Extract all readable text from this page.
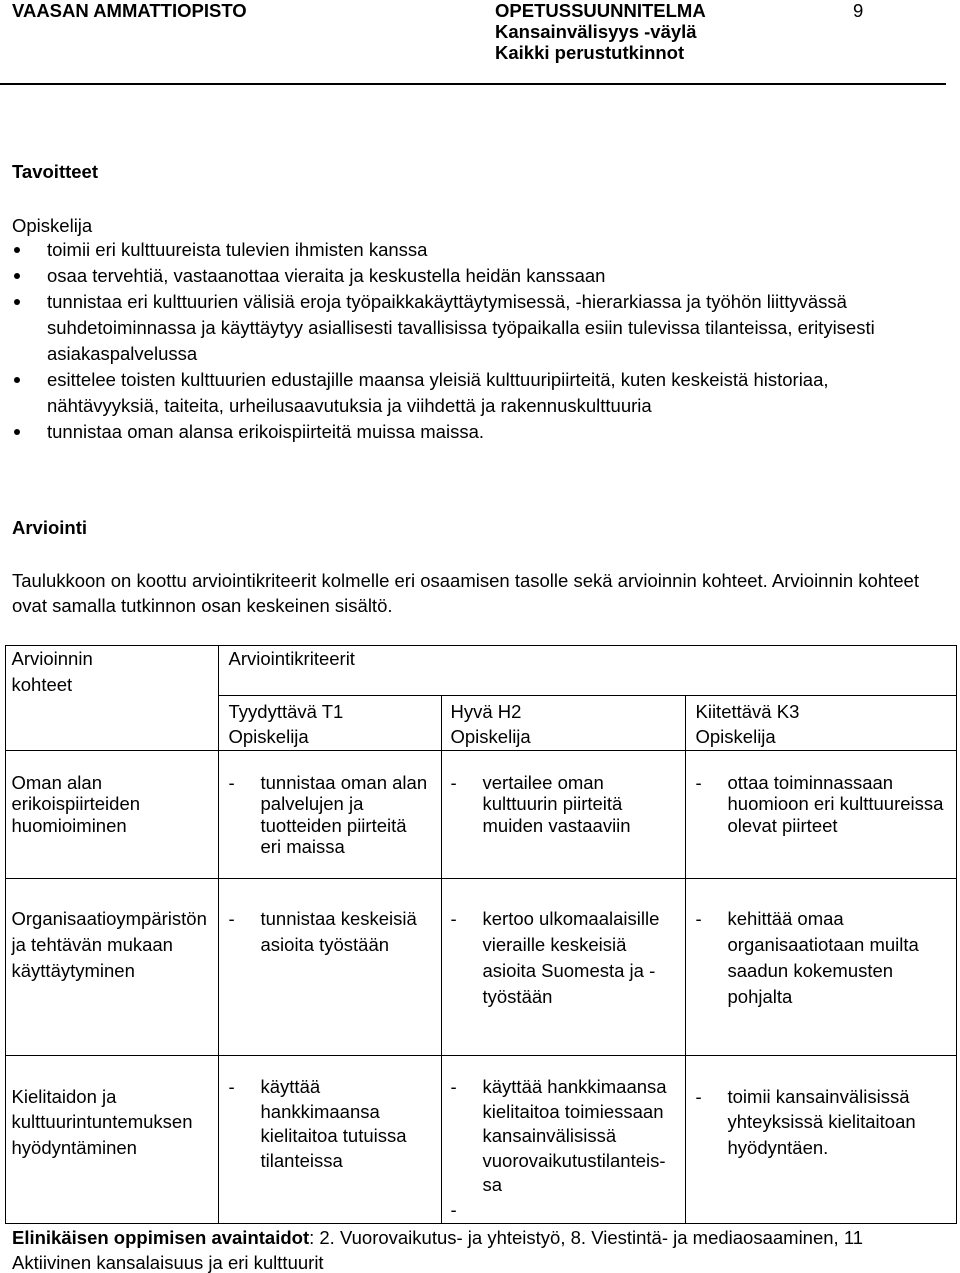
VAASAN AMMATTIOPISTO	OPETUSSUUNNITELMA
Kansainvälisyys -väylä
Kaikki perustutkinnot
9
Tavoitteet
Opiskelija
toimii eri kulttuureista tulevien ihmisten kanssa
osaa tervehtiä, vastaanottaa vieraita ja keskustella heidän kanssaan
tunnistaa eri kulttuurien välisiä eroja työpaikkakäyttäytymisessä, -hierarkiassa ja työhön liittyvässä
suhdetoiminnassa ja käyttäytyy asiallisesti tavallisissa työpaikalla esiin tulevissa tilanteissa, erityisesti
asiakaspalvelussa
esittelee toisten kulttuurien edustajille maansa yleisiä kulttuuripiirteitä, kuten keskeistä historiaa,
nähtävyyksiä, taiteita, urheilusaavutuksia ja viihdettä ja rakennuskulttuuria
tunnistaa oman alansa erikoispiirteitä muissa maissa.
Arviointi
Taulukkoon on koottu arviointikriteerit kolmelle eri osaamisen tasolle sekä arvioinnin kohteet. Arvioinnin kohteet
ovat samalla tutkinnon osan keskeinen sisältö.
Arvioinnin
kohteet
Arviointikriteerit
Tyydyttävä T1
Opiskelija
Hyvä H2
Opiskelija
Kiitettävä K3
Opiskelija
Oman alan
erikoispiirteiden
huomioiminen
- tunnistaa oman alan
palvelujen ja
tuotteiden piirteitä
eri maissa
- vertailee oman
kulttuurin piirteitä
muiden vastaaviin
- ottaa toiminnassaan
huomioon eri kulttuureissa
olevat piirteet
Organisaatioympäristön
ja tehtävän mukaan
käyttäytyminen
- tunnistaa keskeisiä
asioita työstään
- kertoo ulkomaalaisille
vieraille keskeisiä
asioita Suomesta ja -
työstään
- kehittää omaa
organisaatiotaan muilta
saadun kokemusten
pohjalta
Kielitaidon ja
kulttuurintuntemuksen
hyödyntäminen
- käyttää
hankkimaansa
kielitaitoa tutuissa
tilanteissa
- käyttää hankkimaansa
kielitaitoa toimiessaan
kansainvälisissä
vuorovaikutustilanteis-
sa
-
- toimii kansainvälisissä
yhteyksissä kielitaitoan
hyödyntäen.
Elinikäisen oppimisen avaintaidot: 2. Vuorovaikutus- ja yhteistyö, 8. Viestintä- ja mediaosaaminen, 11
Aktiivinen kansalaisuus ja eri kulttuurit
